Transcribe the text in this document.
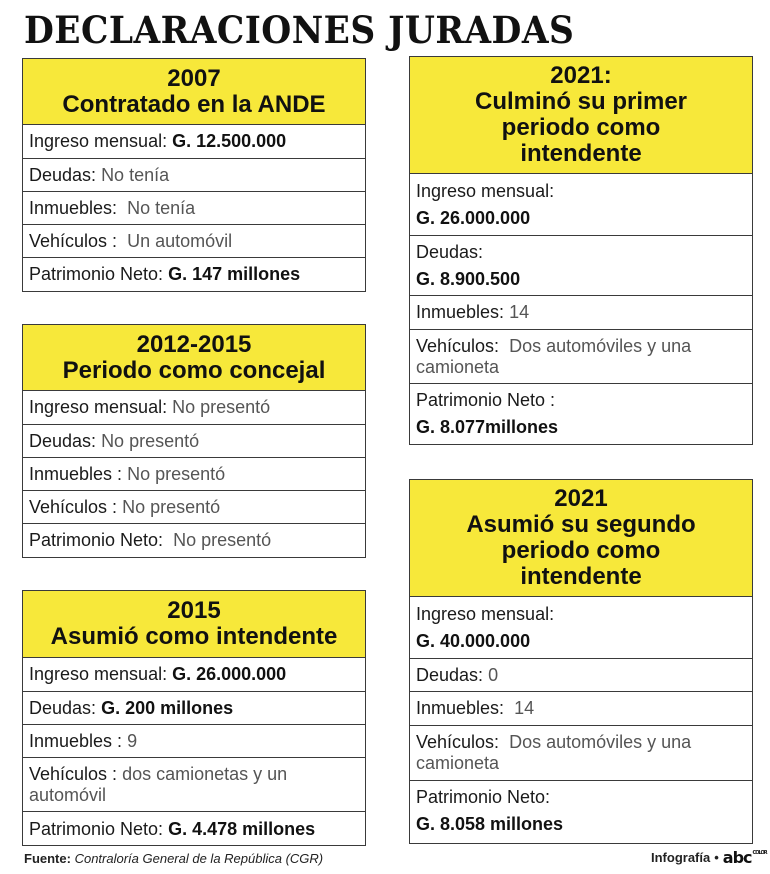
DECLARACIONES JURADAS
2007
Contratado en la ANDE
Ingreso mensual: G. 12.500.000
Deudas: No tenía
Inmuebles: No tenía
Vehículos : Un automóvil
Patrimonio Neto: G. 147 millones
2012-2015
Periodo como concejal
Ingreso mensual: No presentó
Deudas: No presentó
Inmuebles : No presentó
Vehículos : No presentó
Patrimonio Neto: No presentó
2015
Asumió como intendente
Ingreso mensual: G. 26.000.000
Deudas: G. 200 millones
Inmuebles : 9
Vehículos : dos camionetas y un
automóvil
Patrimonio Neto: G. 4.478 millones
2021:
Culminó su primer
periodo como
intendente
Ingreso mensual:
G. 26.000.000
Deudas:
G. 8.900.500
Inmuebles: 14
Vehículos: Dos automóviles y una
camioneta
Patrimonio Neto :
G. 8.077millones
2021
Asumió su segundo
periodo como
intendente
Ingreso mensual:
G. 40.000.000
Deudas: 0
Inmuebles: 14
Vehículos: Dos automóviles y una
camioneta
Patrimonio Neto:
G. 8.058 millones
Fuente: Contraloría General de la República (CGR)	Infografía • abcCOLOR
